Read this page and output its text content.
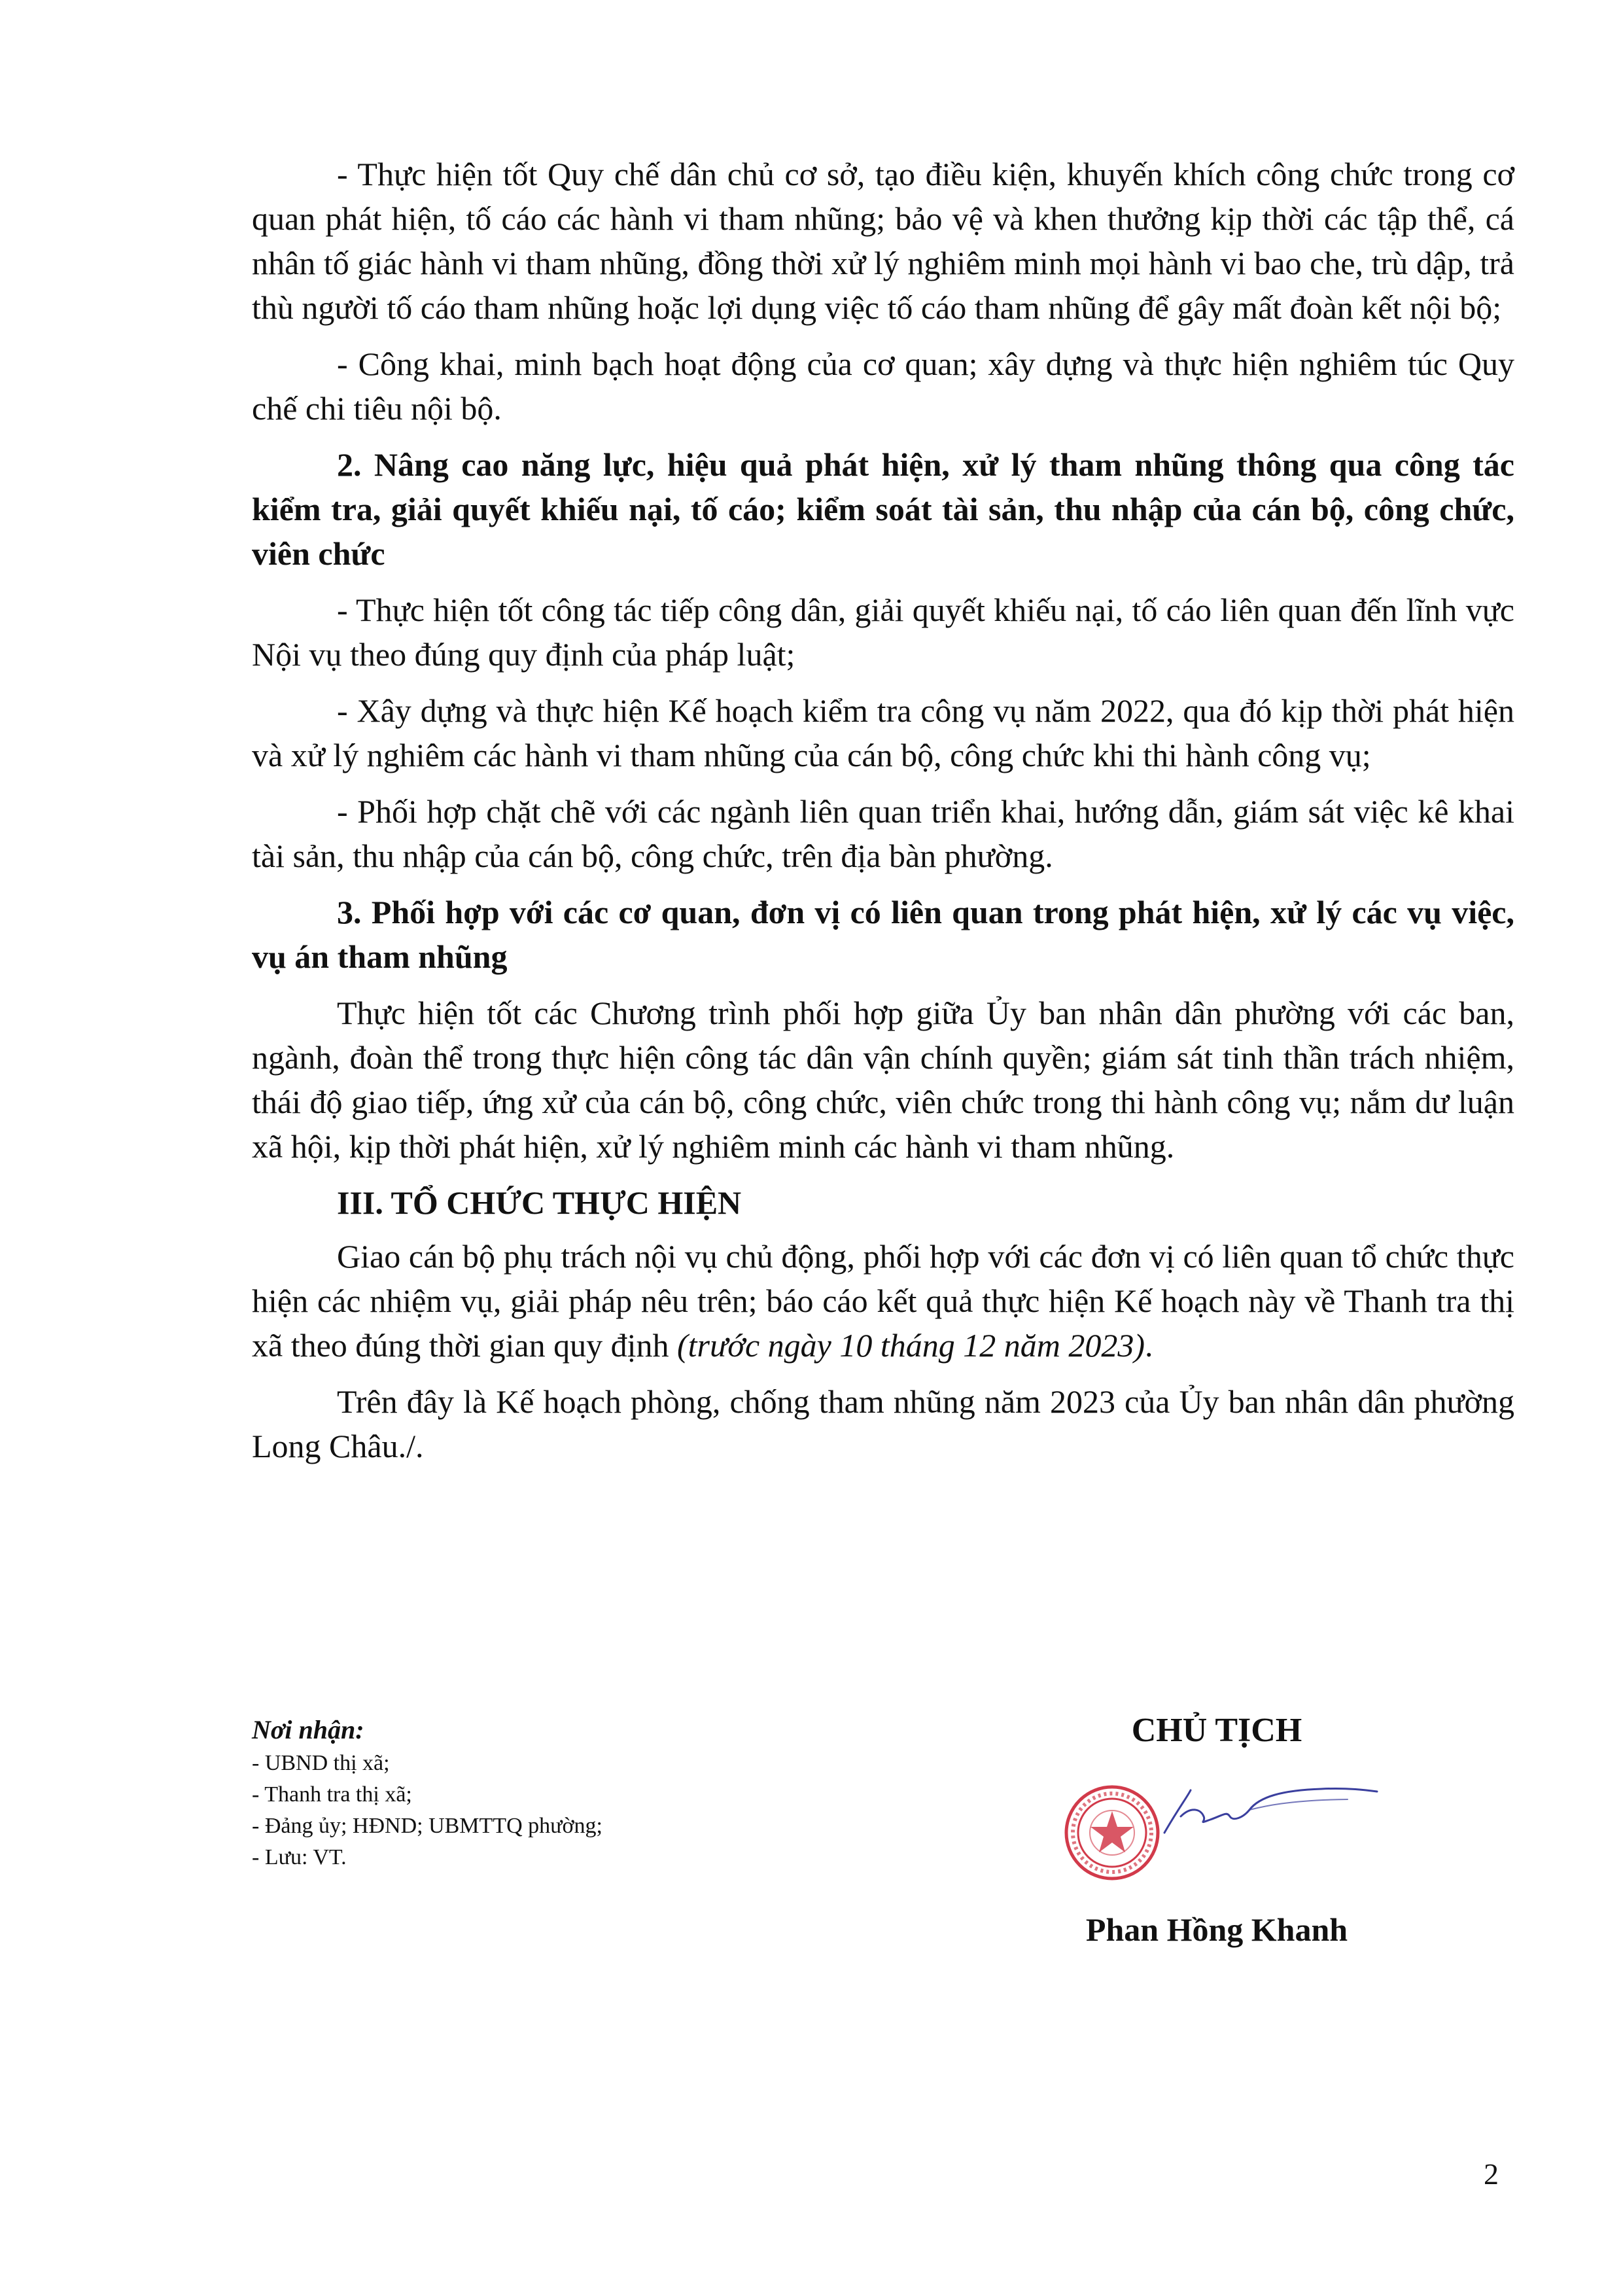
- Thực hiện tốt Quy chế dân chủ cơ sở, tạo điều kiện, khuyến khích công chức trong cơ quan phát hiện, tố cáo các hành vi tham nhũng; bảo vệ và khen thưởng kịp thời các tập thể, cá nhân tố giác hành vi tham nhũng, đồng thời xử lý nghiêm minh mọi hành vi bao che, trù dập, trả thù người tố cáo tham nhũng hoặc lợi dụng việc tố cáo tham nhũng để gây mất đoàn kết nội bộ;

- Công khai, minh bạch hoạt động của cơ quan; xây dựng và thực hiện nghiêm túc Quy chế chi tiêu nội bộ.

2. Nâng cao năng lực, hiệu quả phát hiện, xử lý tham nhũng thông qua công tác kiểm tra, giải quyết khiếu nại, tố cáo; kiểm soát tài sản, thu nhập của cán bộ, công chức, viên chức

- Thực hiện tốt công tác tiếp công dân, giải quyết khiếu nại, tố cáo liên quan đến lĩnh vực Nội vụ theo đúng quy định của pháp luật;

- Xây dựng và thực hiện Kế hoạch kiểm tra công vụ năm 2022, qua đó kịp thời phát hiện và xử lý nghiêm các hành vi tham nhũng của cán bộ, công chức khi thi hành công vụ;

- Phối hợp chặt chẽ với các ngành liên quan triển khai, hướng dẫn, giám sát việc kê khai tài sản, thu nhập của cán bộ, công chức, trên địa bàn phường.

3. Phối hợp với các cơ quan, đơn vị có liên quan trong phát hiện, xử lý các vụ việc, vụ án tham nhũng

Thực hiện tốt các Chương trình phối hợp giữa Ủy ban nhân dân phường với các ban, ngành, đoàn thể trong thực hiện công tác dân vận chính quyền; giám sát tinh thần trách nhiệm, thái độ giao tiếp, ứng xử của cán bộ, công chức, viên chức trong thi hành công vụ; nắm dư luận xã hội, kịp thời phát hiện, xử lý nghiêm minh các hành vi tham nhũng.

III. TỔ CHỨC THỰC HIỆN

Giao cán bộ phụ trách nội vụ chủ động, phối hợp với các đơn vị có liên quan tổ chức thực hiện các nhiệm vụ, giải pháp nêu trên; báo cáo kết quả thực hiện Kế hoạch này về Thanh tra thị xã theo đúng thời gian quy định (trước ngày 10 tháng 12 năm 2023).

Trên đây là Kế hoạch phòng, chống tham nhũng năm 2023 của Ủy ban nhân dân phường Long Châu./.

Nơi nhận:
- UBND thị xã;
- Thanh tra thị xã;
- Đảng ủy; HĐND; UBMTTQ phường;
- Lưu: VT.
CHỦ TỊCH
Phan Hồng Khanh
2
